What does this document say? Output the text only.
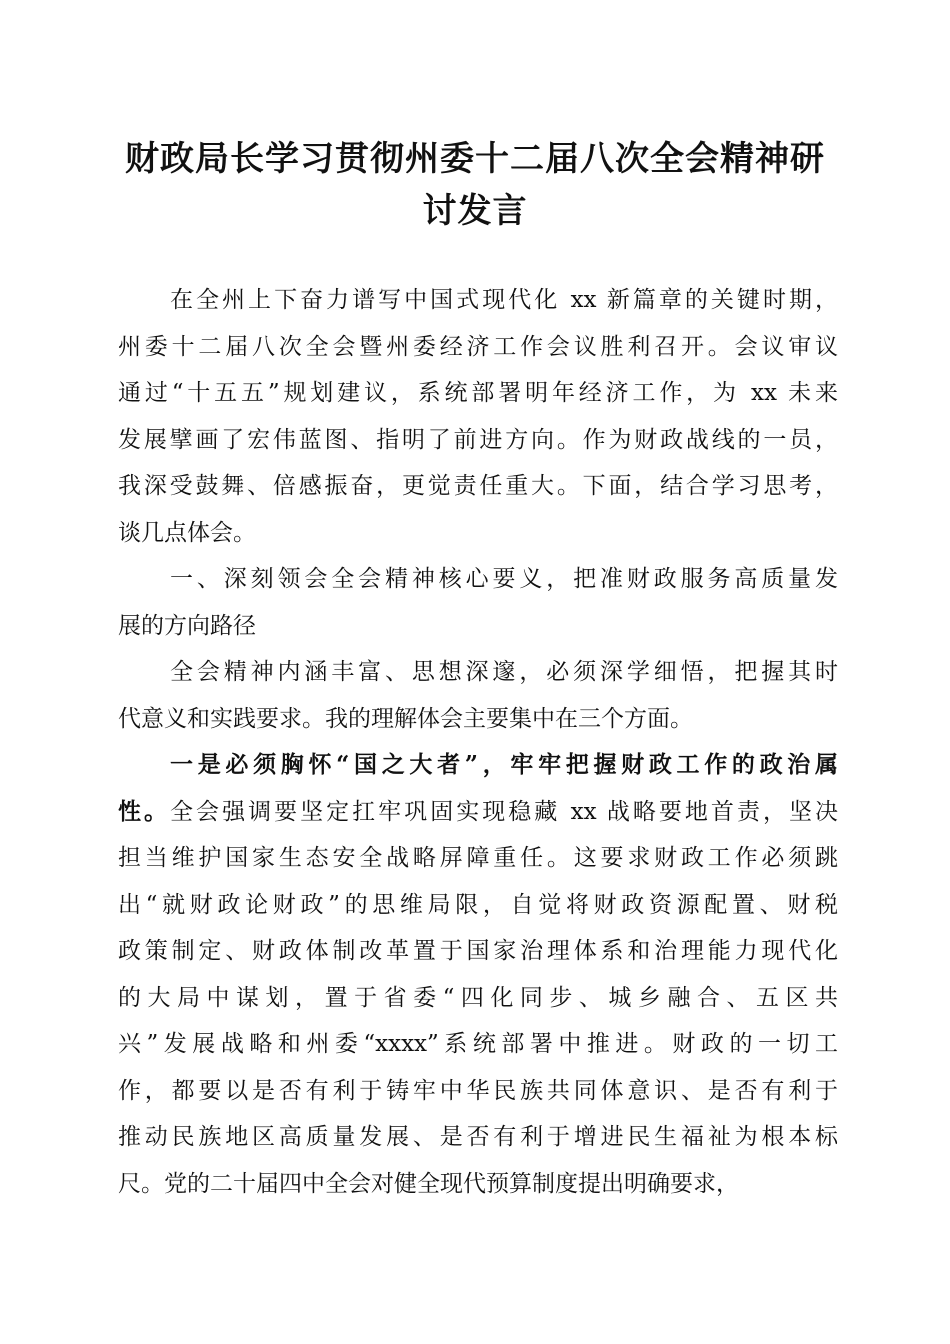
财政局长学习贯彻州委十二届八次全会精神研
讨发言
在全州上下奋力谱写中国式现代化 xx 新篇章的关键时期，
州委十二届八次全会暨州委经济工作会议胜利召开。会议审议
通过“十五五”规划建议，系统部署明年经济工作，为 xx 未来
发展擘画了宏伟蓝图、指明了前进方向。作为财政战线的一员，
我深受鼓舞、倍感振奋，更觉责任重大。下面，结合学习思考，
谈几点体会。
一、深刻领会全会精神核心要义，把准财政服务高质量发
展的方向路径
全会精神内涵丰富、思想深邃，必须深学细悟，把握其时
代意义和实践要求。我的理解体会主要集中在三个方面。
一是必须胸怀“国之大者”，牢牢把握财政工作的政治属
性。全会强调要坚定扛牢巩固实现稳藏 xx 战略要地首责，坚决
担当维护国家生态安全战略屏障重任。这要求财政工作必须跳
出“就财政论财政”的思维局限，自觉将财政资源配置、财税
政策制定、财政体制改革置于国家治理体系和治理能力现代化
的大局中谋划，置于省委“四化同步、城乡融合、五区共
兴”发展战略和州委“xxxx”系统部署中推进。财政的一切工
作，都要以是否有利于铸牢中华民族共同体意识、是否有利于
推动民族地区高质量发展、是否有利于增进民生福祉为根本标
尺。党的二十届四中全会对健全现代预算制度提出明确要求，
